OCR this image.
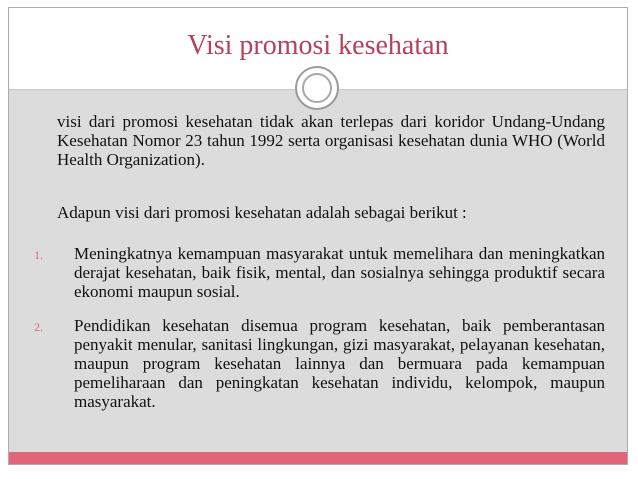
Visi promosi kesehatan
visi dari promosi kesehatan tidak akan terlepas dari koridor Undang-Undang Kesehatan Nomor 23 tahun 1992 serta organisasi kesehatan dunia WHO (World Health Organization).
Adapun visi dari promosi kesehatan adalah sebagai berikut :
1. Meningkatnya kemampuan masyarakat untuk memelihara dan meningkatkan derajat kesehatan, baik fisik, mental, dan sosialnya sehingga produktif secara ekonomi maupun sosial.
2. Pendidikan kesehatan disemua program kesehatan, baik pemberantasan penyakit menular, sanitasi lingkungan, gizi masyarakat, pelayanan kesehatan, maupun program kesehatan lainnya dan bermuara pada kemampuan pemeliharaan dan peningkatan kesehatan individu, kelompok, maupun masyarakat.
